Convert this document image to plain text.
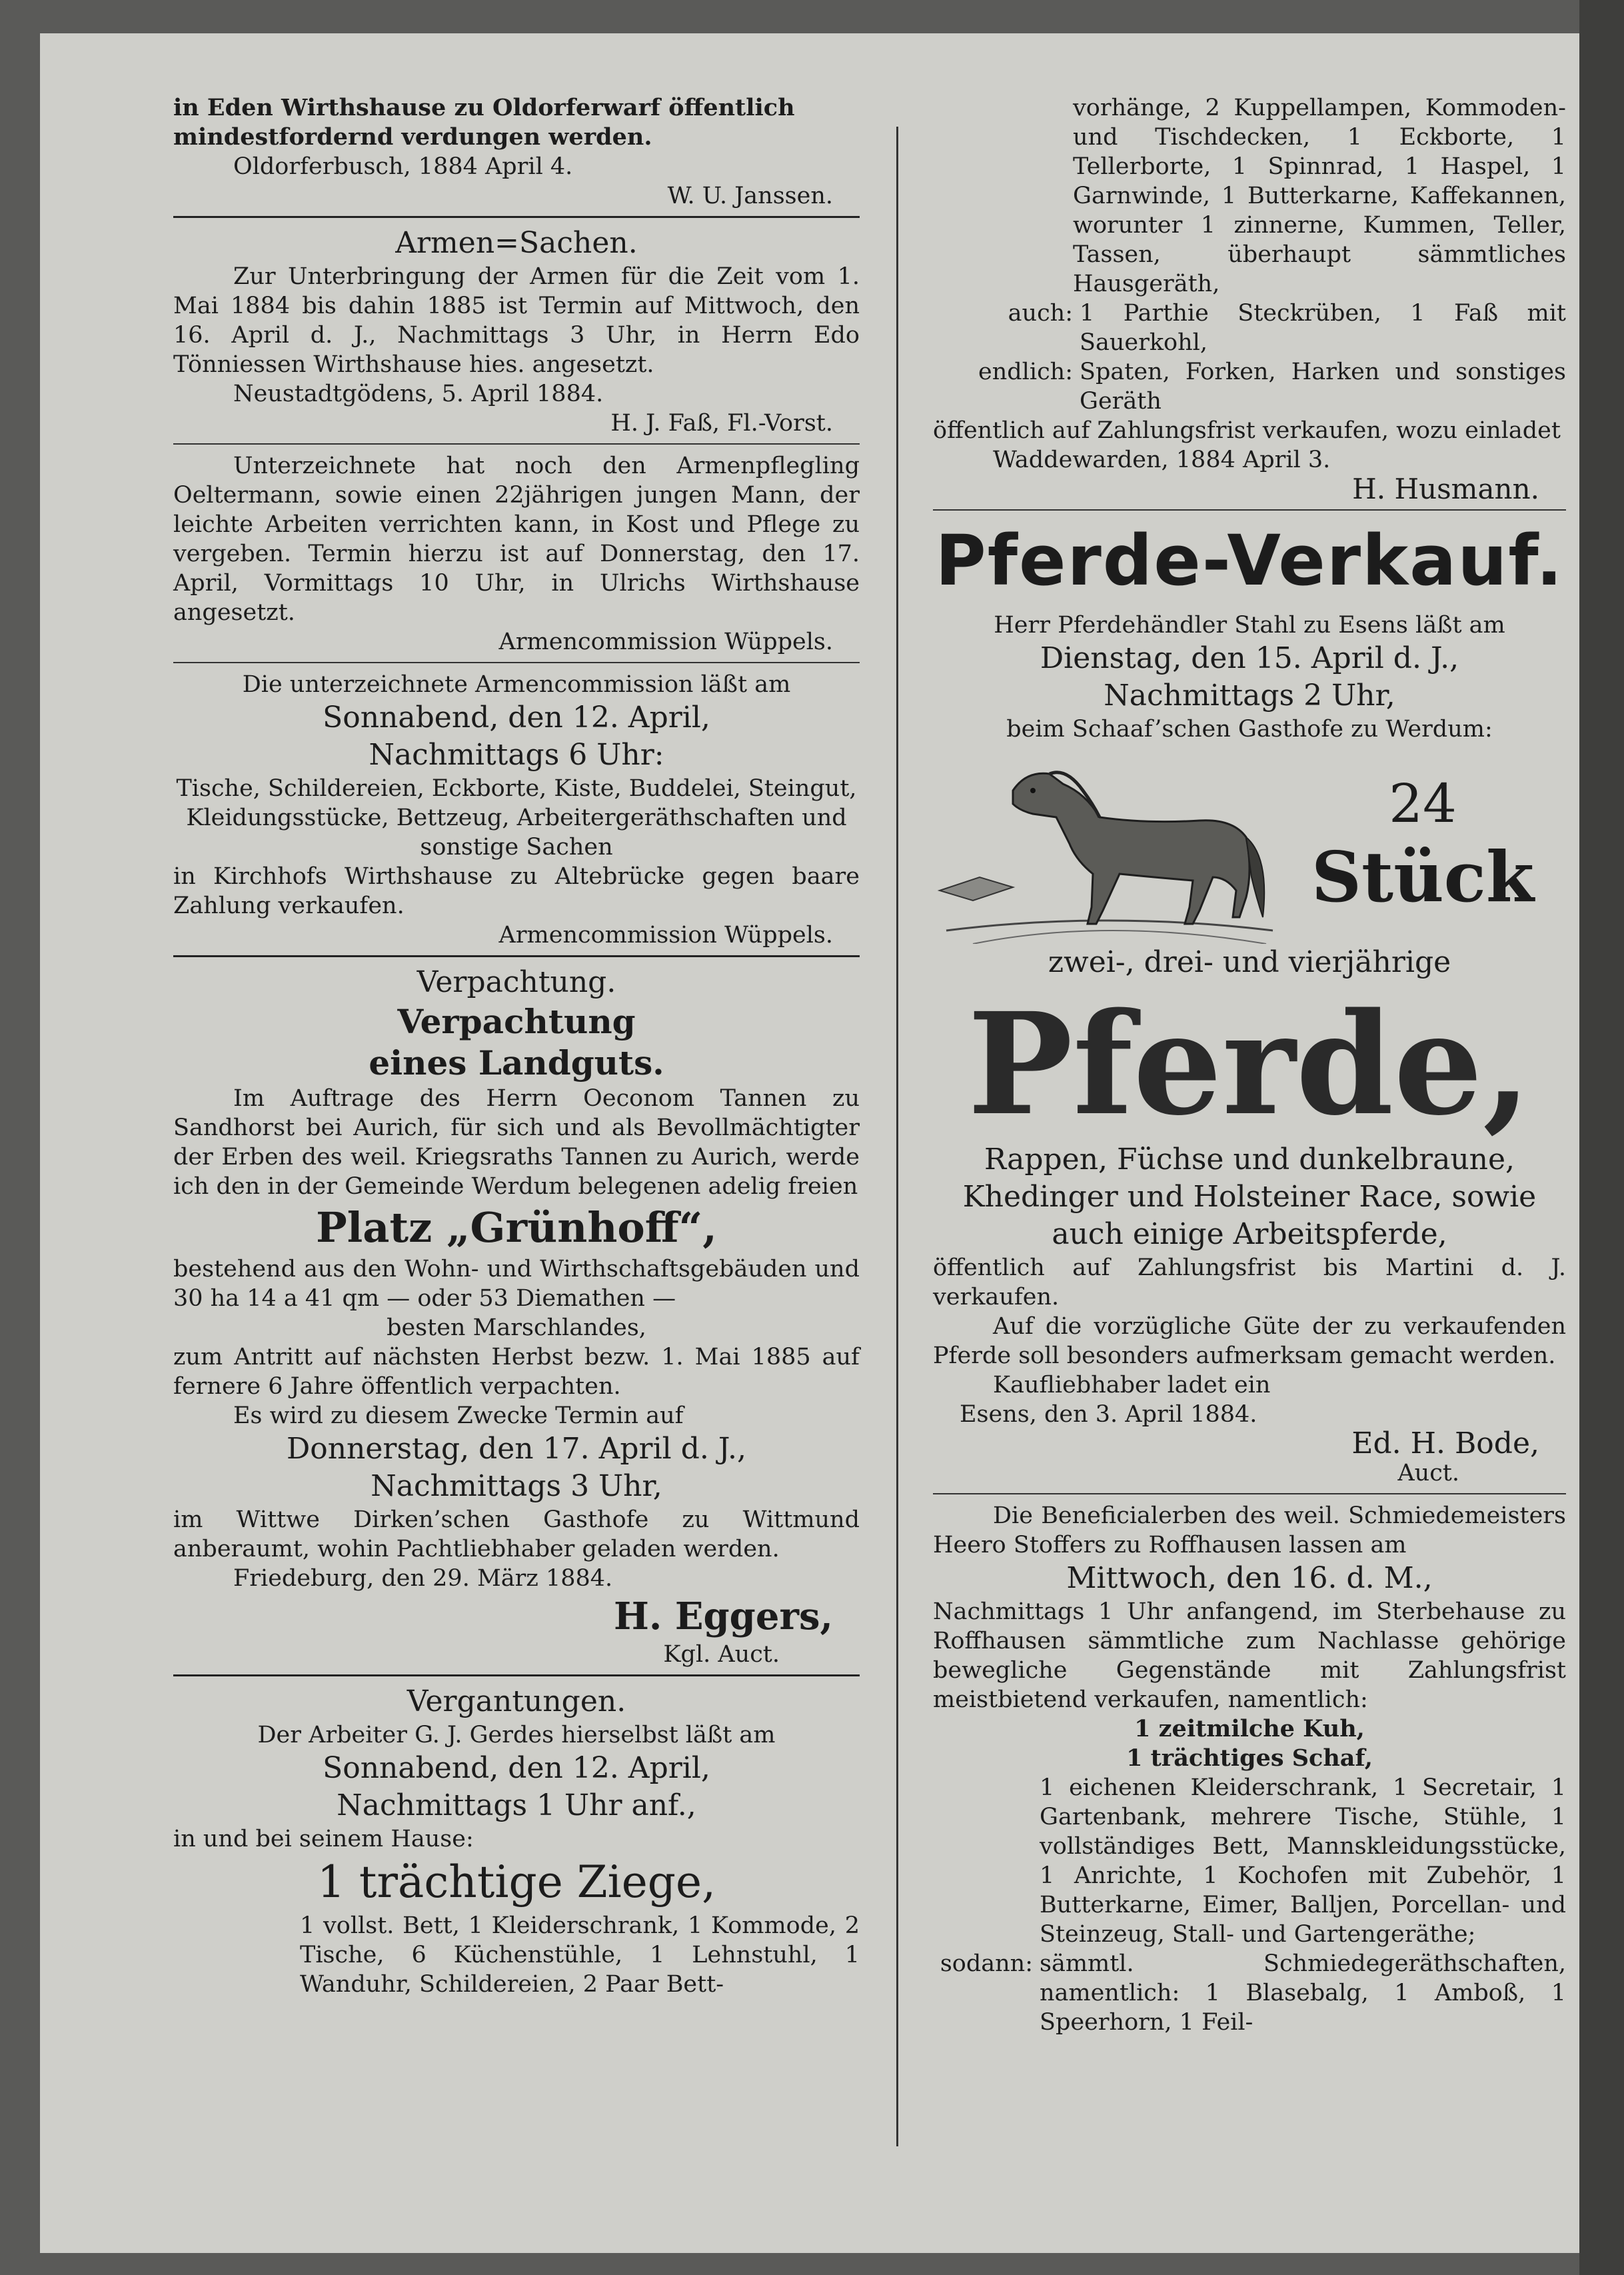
in Eden Wirthshause zu Oldorferwarf öffentlich

mindestfordernd verdungen werden.

Oldorferbusch, 1884 April 4.

W. U. Janssen.

Armen=Sachen.

Zur Unterbringung der Armen für die Zeit vom 1. Mai 1884 bis dahin 1885 ist Termin auf Mittwoch, den 16. April d. J., Nachmittags 3 Uhr, in Herrn Edo Tönniessen Wirthshause hies. angesetzt.

Neustadtgödens, 5. April 1884.

H. J. Faß, Fl.-Vorst.

Unterzeichnete hat noch den Armenpflegling Oeltermann, sowie einen 22jährigen jungen Mann, der leichte Arbeiten verrichten kann, in Kost und Pflege zu vergeben. Termin hierzu ist auf Donnerstag, den 17. April, Vormittags 10 Uhr, in Ulrichs Wirthshause angesetzt.

Armencommission Wüppels.

Die unterzeichnete Armencommission läßt am

Sonnabend, den 12. April,

Nachmittags 6 Uhr:

Tische, Schildereien, Eckborte, Kiste, Buddelei, Steingut, Kleidungsstücke, Bettzeug, Arbeitergeräthschaften und sonstige Sachen

in Kirchhofs Wirthshause zu Altebrücke gegen baare Zahlung verkaufen.

Armencommission Wüppels.

Verpachtung.

Verpachtung

eines Landguts.

Im Auftrage des Herrn Oeconom Tannen zu Sandhorst bei Aurich, für sich und als Bevollmächtigter der Erben des weil. Kriegsraths Tannen zu Aurich, werde ich den in der Gemeinde Werdum belegenen adelig freien

Platz „Grünhoff“,

bestehend aus den Wohn- und Wirthschaftsgebäuden und 30 ha 14 a 41 qm — oder 53 Diemathen —

besten Marschlandes,

zum Antritt auf nächsten Herbst bezw. 1. Mai 1885 auf fernere 6 Jahre öffentlich verpachten.

Es wird zu diesem Zwecke Termin auf

Donnerstag, den 17. April d. J.,

Nachmittags 3 Uhr,

im Wittwe Dirken’schen Gasthofe zu Wittmund anberaumt, wohin Pachtliebhaber geladen werden.

Friedeburg, den 29. März 1884.

H. Eggers,

Kgl. Auct.

Vergantungen.

Der Arbeiter G. J. Gerdes hierselbst läßt am

Sonnabend, den 12. April,

Nachmittags 1 Uhr anf.,

in und bei seinem Hause:

1 trächtige Ziege,

1 vollst. Bett, 1 Kleiderschrank, 1 Kommode, 2 Tische, 6 Küchenstühle, 1 Lehnstuhl, 1 Wanduhr, Schildereien, 2 Paar Bett-

vorhänge, 2 Kuppellampen, Kommoden- und Tischdecken, 1 Eckborte, 1 Tellerborte, 1 Spinnrad, 1 Haspel, 1 Garnwinde, 1 Butterkarne, Kaffekannen, worunter 1 zinnerne, Kummen, Teller, Tassen, überhaupt sämmtliches Hausgeräth,

auch: 1 Parthie Steckrüben, 1 Faß mit Sauerkohl,
endlich: Spaten, Forken, Harken und sonstiges Geräth

öffentlich auf Zahlungsfrist verkaufen, wozu einladet

Waddewarden, 1884 April 3.

H. Husmann.

Pferde-Verkauf.

Herr Pferdehändler Stahl zu Esens läßt am

Dienstag, den 15. April d. J.,

Nachmittags 2 Uhr,

beim Schaaf’schen Gasthofe zu Werdum:

24

Stück

zwei-, drei- und vierjährige

Pferde,

Rappen, Füchse und dunkelbraune,

Khedinger und Holsteiner Race, sowie

auch einige Arbeitspferde,

öffentlich auf Zahlungsfrist bis Martini d. J. verkaufen.

Auf die vorzügliche Güte der zu verkaufenden Pferde soll besonders aufmerksam gemacht werden.

Kaufliebhaber ladet ein

Esens, den 3. April 1884.

Ed. H. Bode,

Auct.

Die Beneficialerben des weil. Schmiedemeisters Heero Stoffers zu Roffhausen lassen am

Mittwoch, den 16. d. M.,

Nachmittags 1 Uhr anfangend, im Sterbehause zu Roffhausen sämmtliche zum Nachlasse gehörige bewegliche Gegenstände mit Zahlungsfrist meistbietend verkaufen, namentlich:

1 zeitmilche Kuh,

1 trächtiges Schaf,

1 eichenen Kleiderschrank, 1 Secretair, 1 Gartenbank, mehrere Tische, Stühle, 1 vollständiges Bett, Mannskleidungsstücke, 1 Anrichte, 1 Kochofen mit Zubehör, 1 Butterkarne, Eimer, Balljen, Porcellan- und Steinzeug, Stall- und Gartengeräthe;

sodann: sämmtl. Schmiedegeräthschaften, namentlich: 1 Blasebalg, 1 Amboß, 1 Speerhorn, 1 Feil-
